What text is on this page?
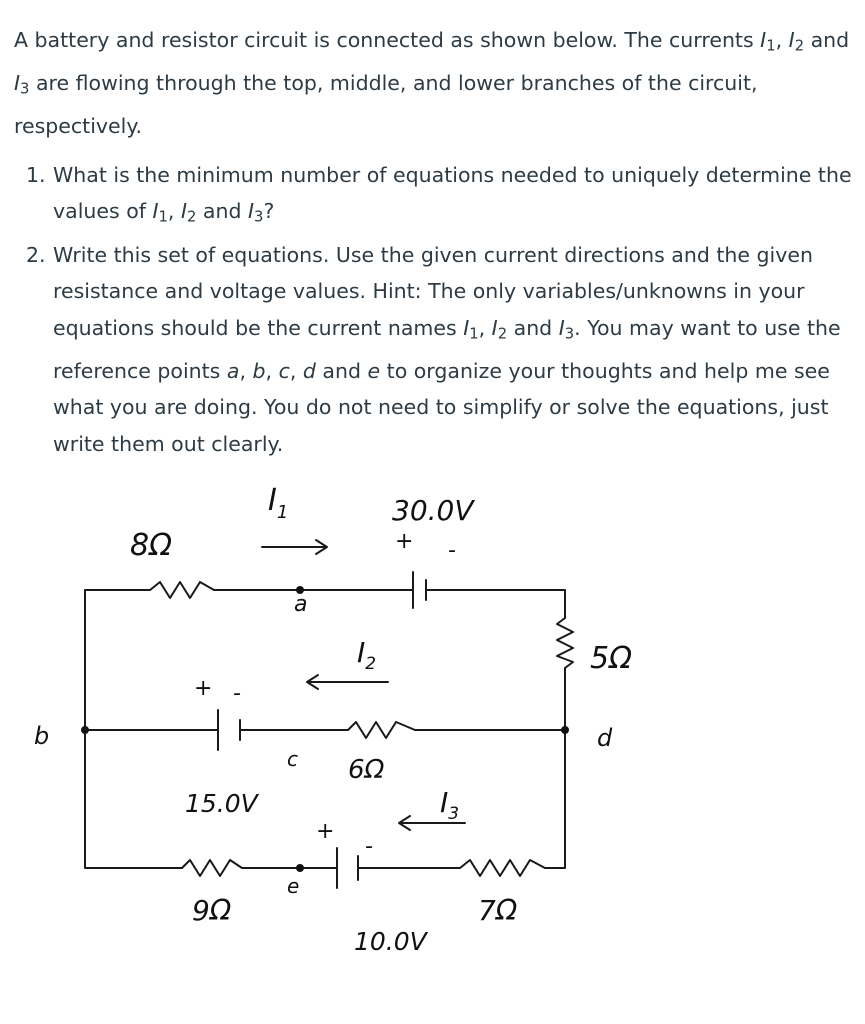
A battery and resistor circuit is connected as shown below. The currents $I_1$, $I_2$ and $I_3$ are flowing through the top, middle, and lower branches of the circuit, respectively.

1. What is the minimum number of equations needed to uniquely determine the values of $I_1$, $I_2$ and $I_3$?
2. Write this set of equations. Use the given current directions and the given resistance and voltage values. Hint: The only variables/unknowns in your equations should be the current names $I_1$, $I_2$ and $I_3$. You may want to use the reference points a, b, c, d and e to organize your thoughts and help me see what you are doing. You do not need to simplify or solve the equations, just write them out clearly.
8Ω
6Ω
5Ω
9Ω	7Ω
30.0V
15.0V
10.0V
+ -
+ -
+
-
$I_1$
$I_2$
$I_3$
a
b
c
d
e
